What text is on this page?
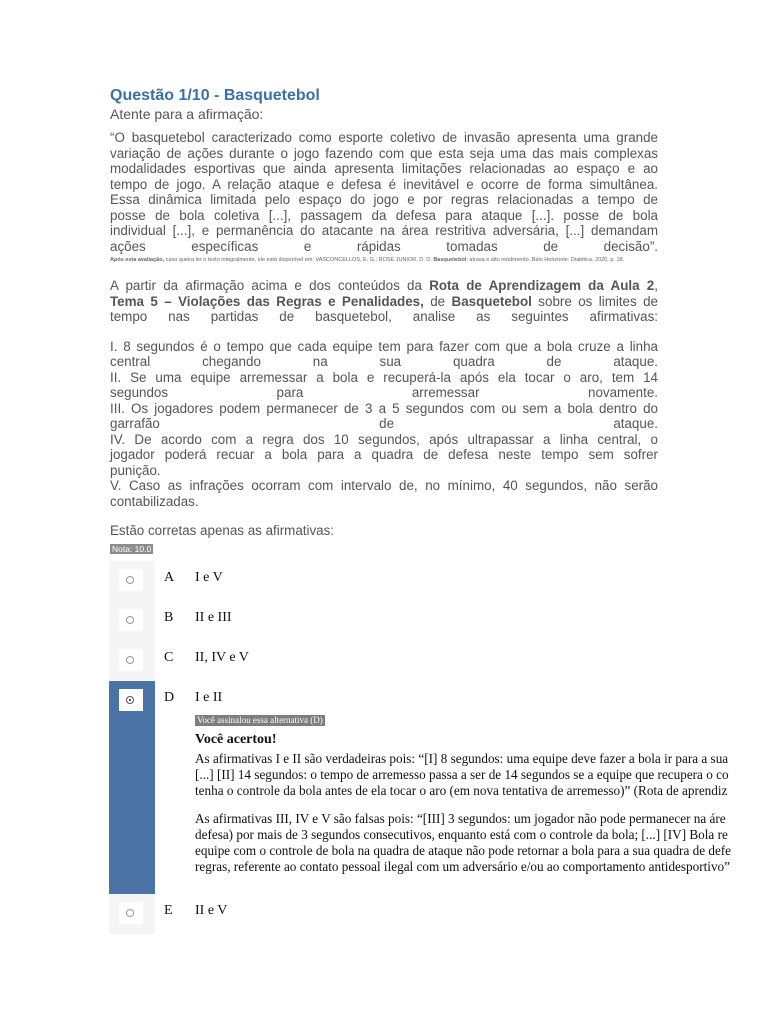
Questão 1/10 - Basquetebol

Atente para a afirmação:

“O basquetebol caracterizado como esporte coletivo de invasão apresenta uma grande
variação de ações durante o jogo fazendo com que esta seja uma das mais complexas
modalidades esportivas que ainda apresenta limitações relacionadas ao espaço e ao
tempo de jogo. A relação ataque e defesa é inevitável e ocorre de forma simultânea.
Essa dinâmica limitada pelo espaço do jogo e por regras relacionadas a tempo de
posse de bola coletiva [...], passagem da defesa para ataque [...]. posse de bola
individual [...], e permanência do atacante na área restritiva adversária, [...] demandam
ações específicas e rápidas tomadas de decisão”.

Após esta avaliação, caso queira ler o texto integralmente, ele está disponível em: VASCONCELLOS, E. G.; ROSE JUNIOR, D. D. Basquetebol: atrasa e alto rendimento. Belo Horizonte: Dialética, 2020. p. 18.

A partir da afirmação acima e dos conteúdos da Rota de Aprendizagem da Aula 2,
Tema 5 – Violações das Regras e Penalidades, de Basquetebol sobre os limites de
tempo nas partidas de basquetebol, analise as seguintes afirmativas:
I. 8 segundos é o tempo que cada equipe tem para fazer com que a bola cruze a linha
central chegando na sua quadra de ataque.
II. Se uma equipe arremessar a bola e recuperá-la após ela tocar o aro, tem 14
segundos para arremessar novamente.
III. Os jogadores podem permanecer de 3 a 5 segundos com ou sem a bola dentro do
garrafão de ataque.
IV. De acordo com a regra dos 10 segundos, após ultrapassar a linha central, o
jogador poderá recuar a bola para a quadra de defesa neste tempo sem sofrer
punição.
V. Caso as infrações ocorram com intervalo de, no mínimo, 40 segundos, não serão
contabilizadas.

Estão corretas apenas as afirmativas:

Nota: 10.0
A I e V
B II e III
C II, IV e V
D I e II
Você assinalou essa alternativa (D)
Você acertou!
As afirmativas I e II são verdadeiras pois: “[I] 8 segundos: uma equipe deve fazer a bola ir para a sua
[...] [II] 14 segundos: o tempo de arremesso passa a ser de 14 segundos se a equipe que recupera o co
tenha o controle da bola antes de ela tocar o aro (em nova tentativa de arremesso)” (Rota de aprendiz
As afirmativas III, IV e V são falsas pois: “[III] 3 segundos: um jogador não pode permanecer na áre
defesa) por mais de 3 segundos consecutivos, enquanto está com o controle da bola; [...] [IV] Bola re
equipe com o controle de bola na quadra de ataque não pode retornar a bola para a sua quadra de defe
regras, referente ao contato pessoal ilegal com um adversário e/ou ao comportamento antidesportivo”
E II e V
